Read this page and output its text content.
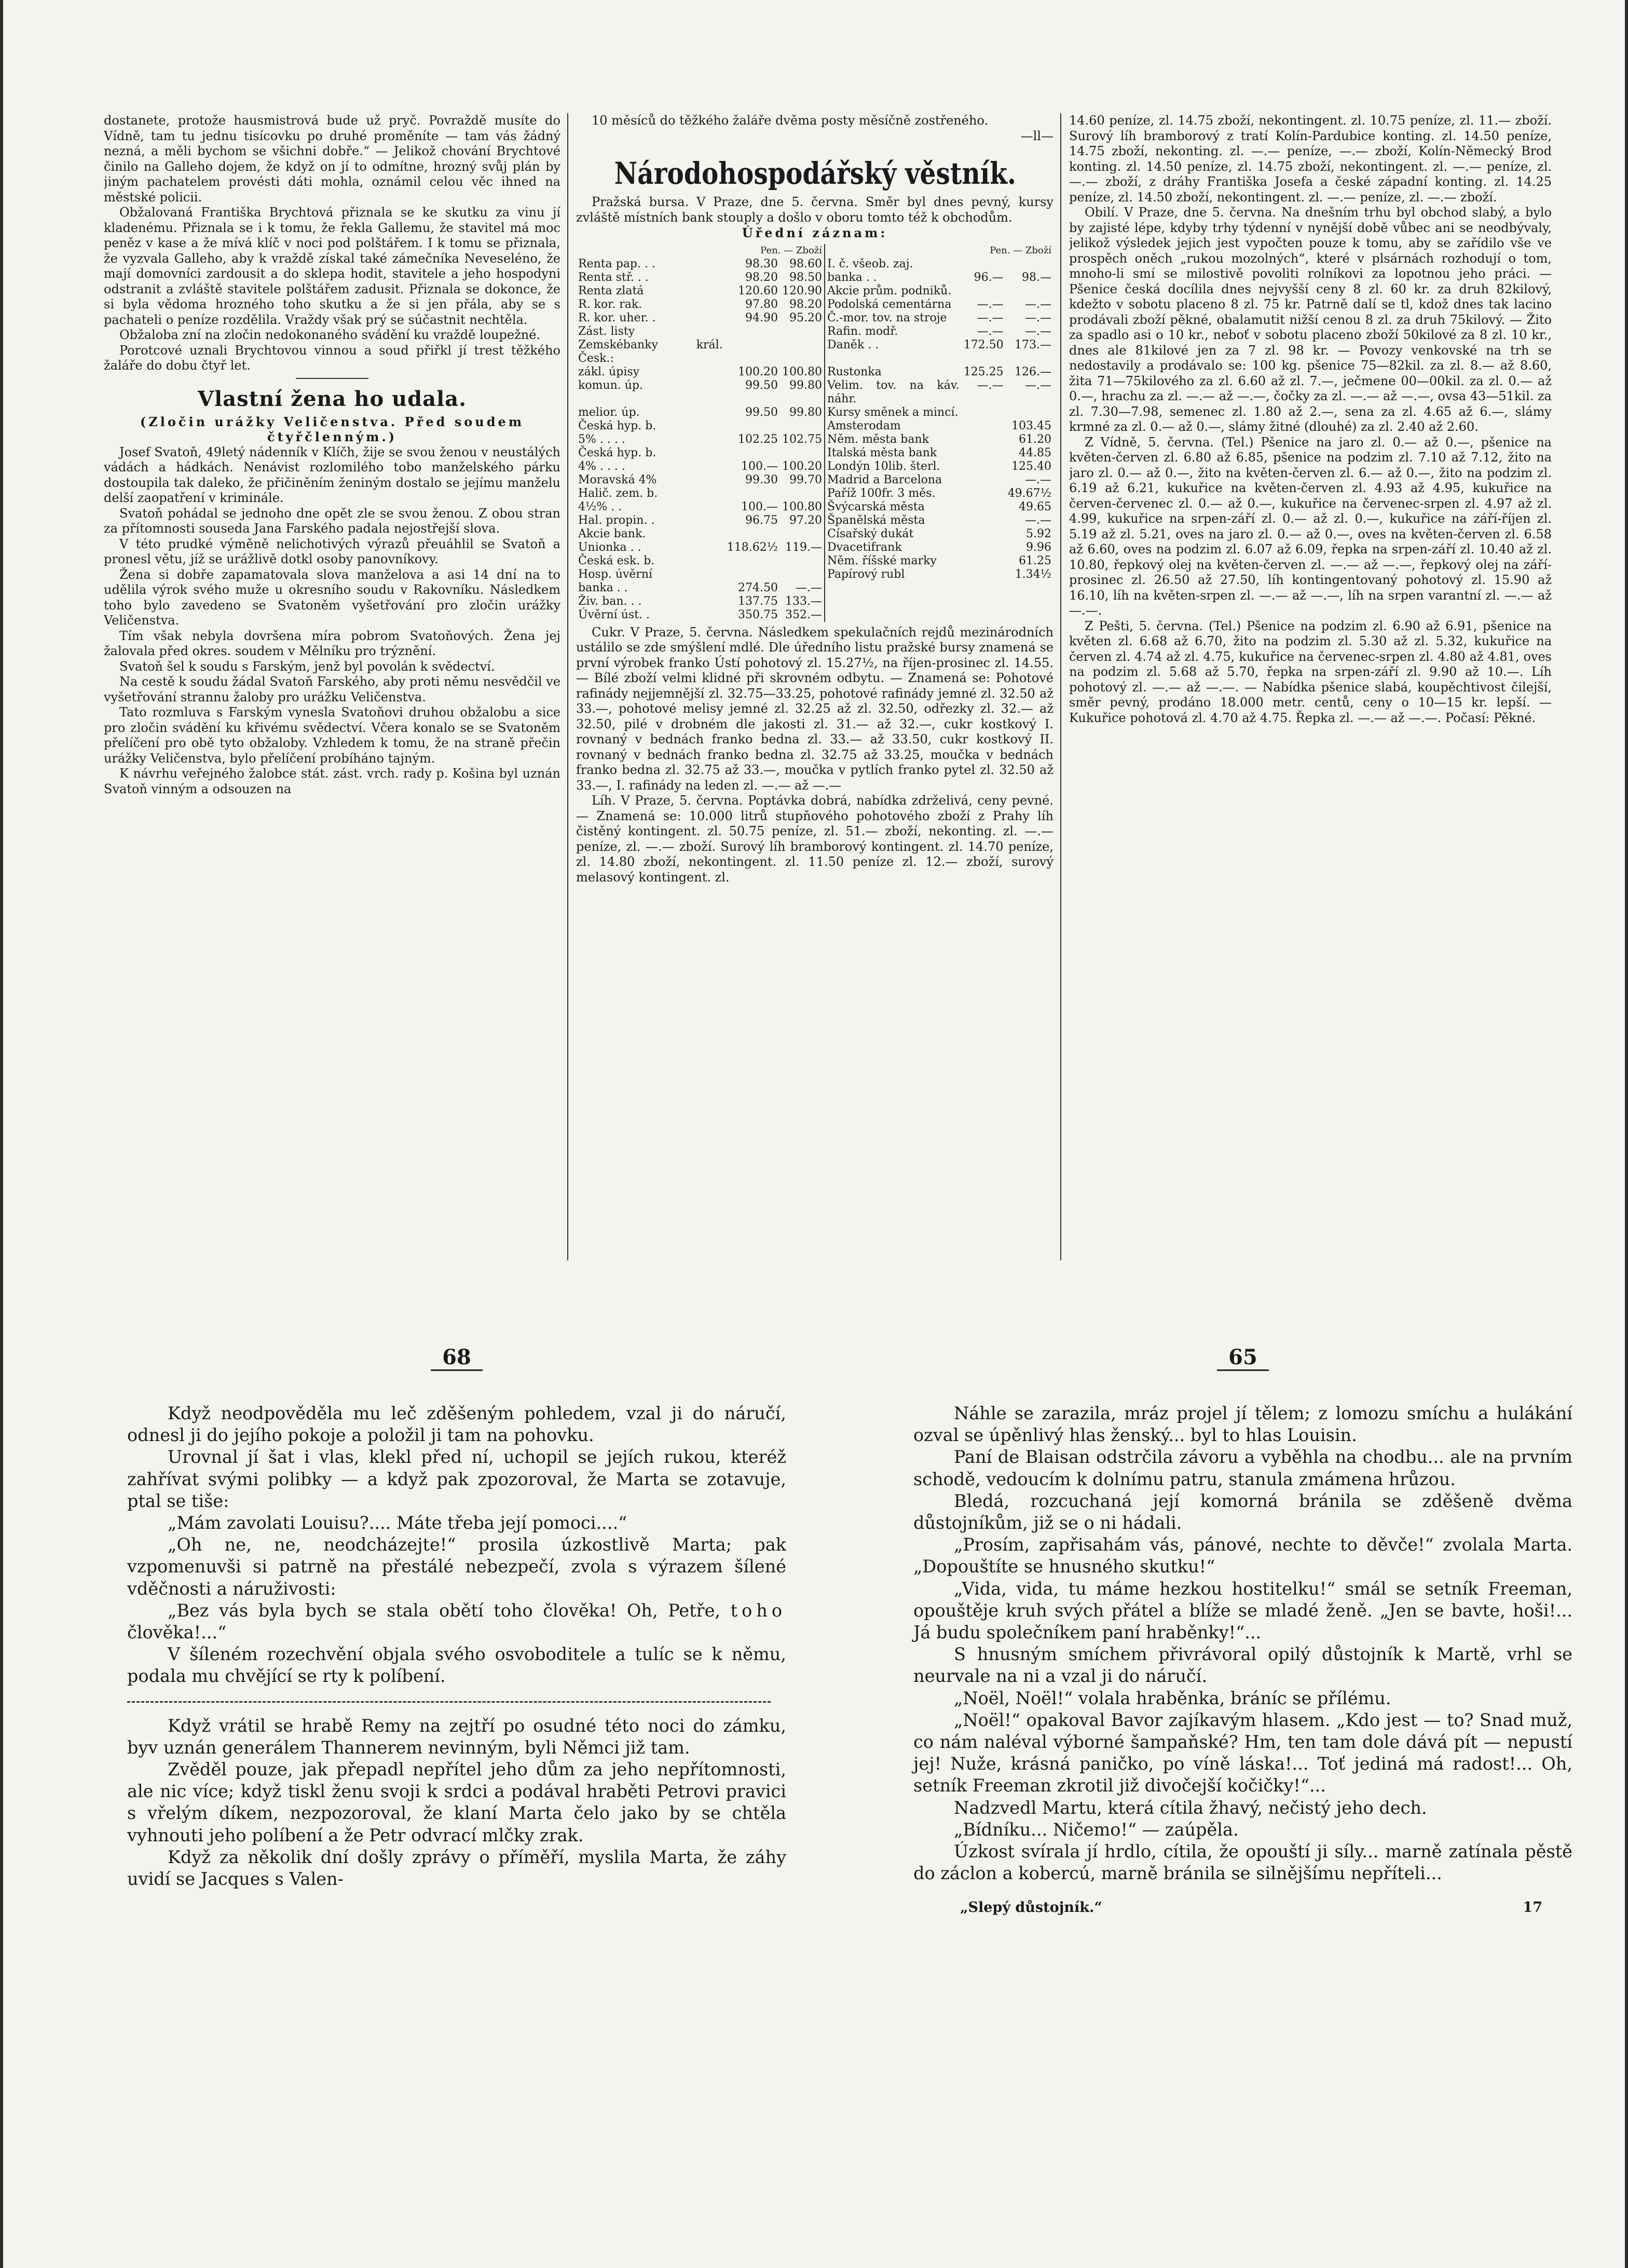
dostanete, protože hausmistrová bude už pryč. Povraždě musíte do Vídně, tam tu jednu tisícovku po druhé proměníte — tam vás žádný nezná, a měli bychom se všichni dobře.“ — Jelikož chování Brychtové činilo na Galleho dojem, že když on jí to odmítne, hrozný svůj plán by jiným pachatelem provésti dáti mohla, oznámil celou věc ihned na městské policii.

Obžalovaná Františka Brychtová přiznala se ke skutku za vinu jí kladenému. Přiznala se i k tomu, že řekla Gallemu, že stavitel má moc peněz v kase a že mívá klíč v noci pod polštářem. I k tomu se přiznala, že vyzvala Galleho, aby k vraždě získal také zámečníka Neveseléno, že mají domovníci zardousit a do sklepa hodit, stavitele a jeho hospodyni odstranit a zvláště stavitele polštářem zadusit. Přiznala se dokonce, že si byla vědoma hrozného toho skutku a že si jen přála, aby se s pachateli o peníze rozdělila. Vraždy však prý se súčastnit nechtěla.

Obžaloba zní na zločin nedokonaného svádění ku vraždě loupežné.

Porotcové uznali Brychtovou vinnou a soud přiřkl jí trest těžkého žaláře do dobu čtyř let.

Vlastní žena ho udala.

(Zločin urážky Veličenstva. Před soudem čtyřčlenným.)

Josef Svatoň, 49letý nádenník v Klíčh, žije se svou ženou v neustálých vádách a hádkách. Nenávist rozlomilého tobo manželského párku dostoupila tak daleko, že přičiněním ženiným dostalo se jejímu manželu delší zaopatření v kriminále.

Svatoň pohádal se jednoho dne opět zle se svou ženou. Z obou stran za přítomnosti souseda Jana Farského padala nejostřejší slova.

V této prudké výměně nelichotivých výrazů přeuáhlil se Svatoň a pronesl větu, jíž se urážlivě dotkl osoby panovníkovy.

Žena si dobře zapamatovala slova manželova a asi 14 dní na to udělila výrok svého muže u okresního soudu v Rakovníku. Následkem toho bylo zavedeno se Svatoněm vyšetřování pro zločin urážky Veličenstva.

Tím však nebyla dovršena míra pobrom Svatoňových. Žena jej žalovala před okres. soudem v Mělníku pro trýznění.

Svatoň šel k soudu s Farským, jenž byl povolán k svědectví.

Na cestě k soudu žádal Svatoň Farského, aby proti němu nesvědčil ve vyšetřování strannu žaloby pro urážku Veličenstva.

Tato rozmluva s Farským vynesla Svatoňovi druhou obžalobu a sice pro zločin svádění ku křivému svědectví. Včera konalo se se Svatoněm přelíčení pro obě tyto obžaloby. Vzhledem k tomu, že na straně přečin urážky Veličenstva, bylo přelíčení probíháno tajným.

K návrhu veřejného žalobce stát. zást. vrch. rady p. Košina byl uznán Svatoň vinným a odsouzen na

10 měsíců do těžkého žaláře dvěma posty měsíčně zostřeného.

—ll—

Národohospodářský věstník.

Pražská bursa. V Praze, dne 5. června. Směr byl dnes pevný, kursy zvláště místních bank stouply a došlo v oboru tomto též k obchodům.

Úřední záznam:

Pen. — Zboží			Pen. — Zboží		
Renta pap. . .	98.30	98.60	I. č. všeob. zaj.		
Renta stř. . .	98.20	98.50	banka . .	96.—	98.—
Renta zlatá	120.60	120.90	Akcie prům. podniků.		
R. kor. rak.	97.80	98.20	Podolská cementárna	—.—	—.—
R. kor. uher. .	94.90	95.20	Č.-mor. tov. na stroje	—.—	—.—
Zást. listy			Rafin. modř.	—.—	—.—
Zemskébanky král. Česk.:			Daněk . .	172.50	173.—
zákl. úpisy	100.20	100.80	Rustonka	125.25	126.—
komun. úp.	99.50	99.80	Velim. tov. na káv. náhr.	—.—	—.—
melior. úp.	99.50	99.80	Kursy směnek a mincí.		
Česká hyp. b.			Amsterodam		103.45
5% . . . .	102.25	102.75	Něm. města bank		61.20
Česká hyp. b.			Italská města bank		44.85
4% . . . .	100.—	100.20	Londýn 10lib. šterl.		125.40
Moravská 4%	99.30	99.70	Madrid a Barcelona		—.—
Halič. zem. b.			Paříž 100fr. 3 měs.		49.67½
4½% . .	100.—	100.80	Švýcarská města		49.65
Hal. propin. .	96.75	97.20	Španělská města		—.—
Akcie bank.			Císařský dukát		5.92
Unionka . .	118.62½	119.—	Dvacetifrank		9.96
Česká esk. b.			Něm. říšské marky		61.25
Hosp. úvěrní			Papírový rubl		1.34½
banka . .	274.50	—.—			
Živ. ban. . .	137.75	133.—			
Úvěrní úst. .	350.75	352.—			

Cukr. V Praze, 5. června. Následkem spekulačních rejdů mezinárodních ustálilo se zde smýšlení mdlé. Dle úředního listu pražské bursy znamená se první výrobek franko Ústí pohotový zl. 15.27½, na říjen-prosinec zl. 14.55. — Bílé zboží velmi klidné při skrovném odbytu. — Znamená se: Pohotové rafinády nejjemnější zl. 32.75—33.25, pohotové rafinády jemné zl. 32.50 až 33.—, pohotové melisy jemné zl. 32.25 až zl. 32.50, odřezky zl. 32.— až 32.50, pilé v drobném dle jakosti zl. 31.— až 32.—, cukr kostkový I. rovnaný v bednách franko bedna zl. 33.— až 33.50, cukr kostkový II. rovnaný v bednách franko bedna zl. 32.75 až 33.25, moučka v bednách franko bedna zl. 32.75 až 33.—, moučka v pytlích franko pytel zl. 32.50 až 33.—, I. rafinády na leden zl. —.— až —.—

Líh. V Praze, 5. června. Poptávka dobrá, nabídka zdrželivá, ceny pevné. — Znamená se: 10.000 litrů stupňového pohotového zboží z Prahy líh čistěný kontingent. zl. 50.75 peníze, zl. 51.— zboží, nekonting. zl. —.— peníze, zl. —.— zboží. Surový líh bramborový kontingent. zl. 14.70 peníze, zl. 14.80 zboží, nekontingent. zl. 11.50 peníze zl. 12.— zboží, surový melasový kontingent. zl.

14.60 peníze, zl. 14.75 zboží, nekontingent. zl. 10.75 peníze, zl. 11.— zboží. Surový líh bramborový z tratí Kolín-Pardubice konting. zl. 14.50 peníze, 14.75 zboží, nekonting. zl. —.— peníze, —.— zboží, Kolín-Německý Brod konting. zl. 14.50 peníze, zl. 14.75 zboží, nekontingent. zl. —.— peníze, zl. —.— zboží, z dráhy Františka Josefa a české západní konting. zl. 14.25 peníze, zl. 14.50 zboží, nekontingent. zl. —.— peníze, zl. —.— zboží.

Obilí. V Praze, dne 5. června. Na dnešním trhu byl obchod slabý, a bylo by zajisté lépe, kdyby trhy týdenní v nynější době vůbec ani se neodbývaly, jelikož výsledek jejich jest vypočten pouze k tomu, aby se zařídilo vše ve prospěch oněch „rukou mozolných“, které v plsárnách rozhodují o tom, mnoho-li smí se milostivě povoliti rolníkovi za lopotnou jeho práci. — Pšenice česká docílila dnes nejvyšší ceny 8 zl. 60 kr. za druh 82kilový, kdežto v sobotu placeno 8 zl. 75 kr. Patrně dalí se tl, kdož dnes tak lacino prodávali zboží pěkné, obalamutit nižší cenou 8 zl. za druh 75kilový. — Žito za spadlo asi o 10 kr., neboť v sobotu placeno zboží 50kilové za 8 zl. 10 kr., dnes ale 81kilové jen za 7 zl. 98 kr. — Povozy venkovské na trh se nedostavily a prodávalo se: 100 kg. pšenice 75—82kil. za zl. 8.— až 8.60, žita 71—75kilového za zl. 6.60 až zl. 7.—, ječmene 00—00kil. za zl. 0.— až 0.—, hrachu za zl. —.— až —.—, čočky za zl. —.— až —.—, ovsa 43—51kil. za zl. 7.30—7.98, semenec zl. 1.80 až 2.—, sena za zl. 4.65 až 6.—, slámy krmné za zl. 0.— až 0.—, slámy žitné (dlouhé) za zl. 2.40 až 2.60.

Z Vídně, 5. června. (Tel.) Pšenice na jaro zl. 0.— až 0.—, pšenice na květen-červen zl. 6.80 až 6.85, pšenice na podzim zl. 7.10 až 7.12, žito na jaro zl. 0.— až 0.—, žito na květen-červen zl. 6.— až 0.—, žito na podzim zl. 6.19 až 6.21, kukuřice na květen-červen zl. 4.93 až 4.95, kukuřice na červen-červenec zl. 0.— až 0.—, kukuřice na červenec-srpen zl. 4.97 až zl. 4.99, kukuřice na srpen-září zl. 0.— až zl. 0.—, kukuřice na září-říjen zl. 5.19 až zl. 5.21, oves na jaro zl. 0.— až 0.—, oves na květen-červen zl. 6.58 až 6.60, oves na podzim zl. 6.07 až 6.09, řepka na srpen-září zl. 10.40 až zl. 10.80, řepkový olej na květen-červen zl. —.— až —.—, řepkový olej na září-prosinec zl. 26.50 až 27.50, líh kontingentovaný pohotový zl. 15.90 až 16.10, líh na květen-srpen zl. —.— až —.—, líh na srpen varantní zl. —.— až —.—.

Z Pešti, 5. června. (Tel.) Pšenice na podzim zl. 6.90 až 6.91, pšenice na květen zl. 6.68 až 6.70, žito na podzim zl. 5.30 až zl. 5.32, kukuřice na červen zl. 4.74 až zl. 4.75, kukuřice na červenec-srpen zl. 4.80 až 4.81, oves na podzim zl. 5.68 až 5.70, řepka na srpen-září zl. 9.90 až 10.—. Líh pohotový zl. —.— až —.—. — Nabídka pšenice slabá, koupěchtivost čilejší, směr pevný, prodáno 18.000 metr. centů, ceny o 10—15 kr. lepší. — Kukuřice pohotová zl. 4.70 až 4.75. Řepka zl. —.— až —.—. Počasí: Pěkné.

68

Když neodpověděla mu leč zděšeným pohledem, vzal ji do náručí, odnesl ji do jejího pokoje a položil ji tam na pohovku.

Urovnal jí šat i vlas, klekl před ní, uchopil se jejích rukou, kteréž zahřívat svými polibky — a když pak zpozoroval, že Marta se zotavuje, ptal se tiše:

„Mám zavolati Louisu?.... Máte třeba její pomoci....“

„Oh ne, ne, neodcházejte!“ prosila úzkostlivě Marta; pak vzpomenuvši si patrně na přestálé nebezpečí, zvola s výrazem šílené vděčnosti a náruživosti:

„Bez vás byla bych se stala obětí toho člověka! Oh, Petře, toho člověka!...“

V šíleném rozechvění objala svého osvoboditele a tulíc se k němu, podala mu chvějící se rty k políbení.

Když vrátil se hrabě Remy na zejtří po osudné této noci do zámku, byv uznán generálem Thannerem nevinným, byli Němci již tam.

Zvěděl pouze, jak přepadl nepřítel jeho dům za jeho nepřítomnosti, ale nic více; když tiskl ženu svoji k srdci a podával hraběti Petrovi pravici s vřelým díkem, nezpozoroval, že klaní Marta čelo jako by se chtěla vyhnouti jeho políbení a že Petr odvrací mlčky zrak.

Když za několik dní došly zprávy o příměří, myslila Marta, že záhy uvidí se Jacques s Valen-

65

Náhle se zarazila, mráz projel jí tělem; z lomozu smíchu a hulákání ozval se úpěnlivý hlas ženský... byl to hlas Louisin.

Paní de Blaisan odstrčila závoru a vyběhla na chodbu... ale na prvním schodě, vedoucím k dolnímu patru, stanula zmámena hrůzou.

Bledá, rozcuchaná její komorná bránila se zděšeně dvěma důstojníkům, již se o ni hádali.

„Prosím, zapřisahám vás, pánové, nechte to děvče!“ zvolala Marta. „Dopouštíte se hnusného skutku!“

„Vida, vida, tu máme hezkou hostitelku!“ smál se setník Freeman, opouštěje kruh svých přátel a blíže se mladé ženě. „Jen se bavte, hoši!... Já budu společníkem paní hraběnky!“...

S hnusným smíchem přivrávoral opilý důstojník k Martě, vrhl se neurvale na ni a vzal ji do náručí.

„Noël, Noël!“ volala hraběnka, bráníc se přílému.

„Noël!“ opakoval Bavor zajíkavým hlasem. „Kdo jest — to? Snad muž, co nám naléval výborné šampaňské? Hm, ten tam dole dává pít — nepustí jej! Nuže, krásná paničko, po víně láska!... Toť jediná má radost!... Oh, setník Freeman zkrotil již divočejší kočičky!“...

Nadzvedl Martu, která cítila žhavý, nečistý jeho dech.

„Bídníku... Ničemo!“ — zaúpěla.

Úzkost svírala jí hrdlo, cítila, že opouští ji síly... marně zatínala pěstě do záclon a kobercú, marně bránila se silnějšímu nepříteli...

„Slepý důstojník.“	17
